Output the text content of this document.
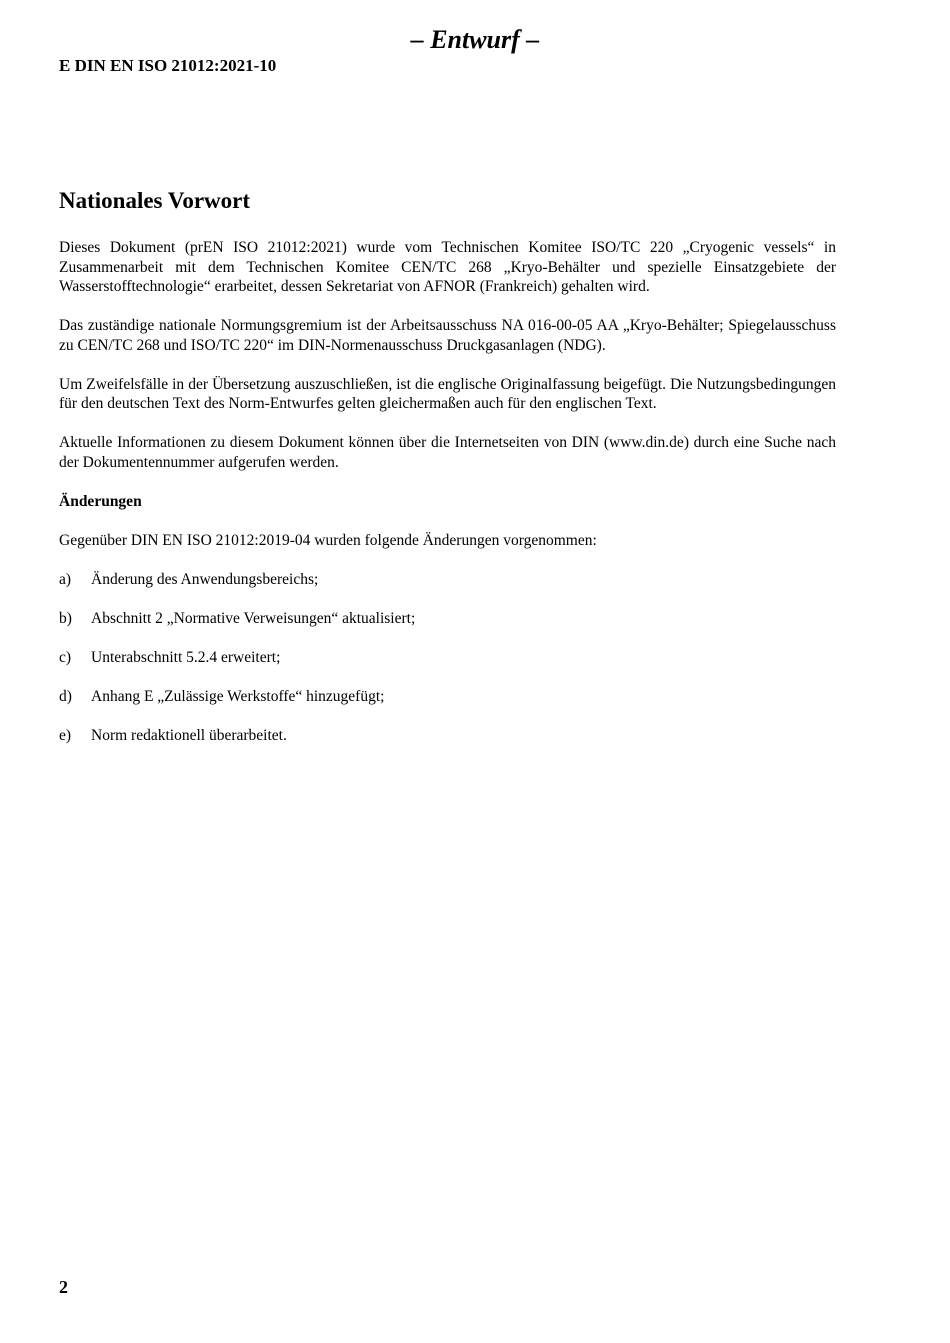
– Entwurf –
E DIN EN ISO 21012:2021-10
Nationales Vorwort

Dieses Dokument (prEN ISO 21012:2021) wurde vom Technischen Komitee ISO/TC 220 „Cryogenic vessels“ in Zusammenarbeit mit dem Technischen Komitee CEN/TC 268 „Kryo-Behälter und spezielle Einsatzgebiete der Wasserstofftechnologie“ erarbeitet, dessen Sekretariat von AFNOR (Frankreich) gehalten wird.

Das zuständige nationale Normungsgremium ist der Arbeitsausschuss NA 016-00-05 AA „Kryo-Behälter; Spiegelausschuss zu CEN/TC 268 und ISO/TC 220“ im DIN-Normenausschuss Druckgasanlagen (NDG).

Um Zweifelsfälle in der Übersetzung auszuschließen, ist die englische Originalfassung beigefügt. Die Nutzungsbedingungen für den deutschen Text des Norm-Entwurfes gelten gleichermaßen auch für den englischen Text.

Aktuelle Informationen zu diesem Dokument können über die Internetseiten von DIN (www.din.de) durch eine Suche nach der Dokumentennummer aufgerufen werden.

Änderungen

Gegenüber DIN EN ISO 21012:2019-04 wurden folgende Änderungen vorgenommen:

a)	Änderung des Anwendungsbereichs;
b)	Abschnitt 2 „Normative Verweisungen“ aktualisiert;
c)	Unterabschnitt 5.2.4 erweitert;
d)	Anhang E „Zulässige Werkstoffe“ hinzugefügt;
e)	Norm redaktionell überarbeitet.
2
